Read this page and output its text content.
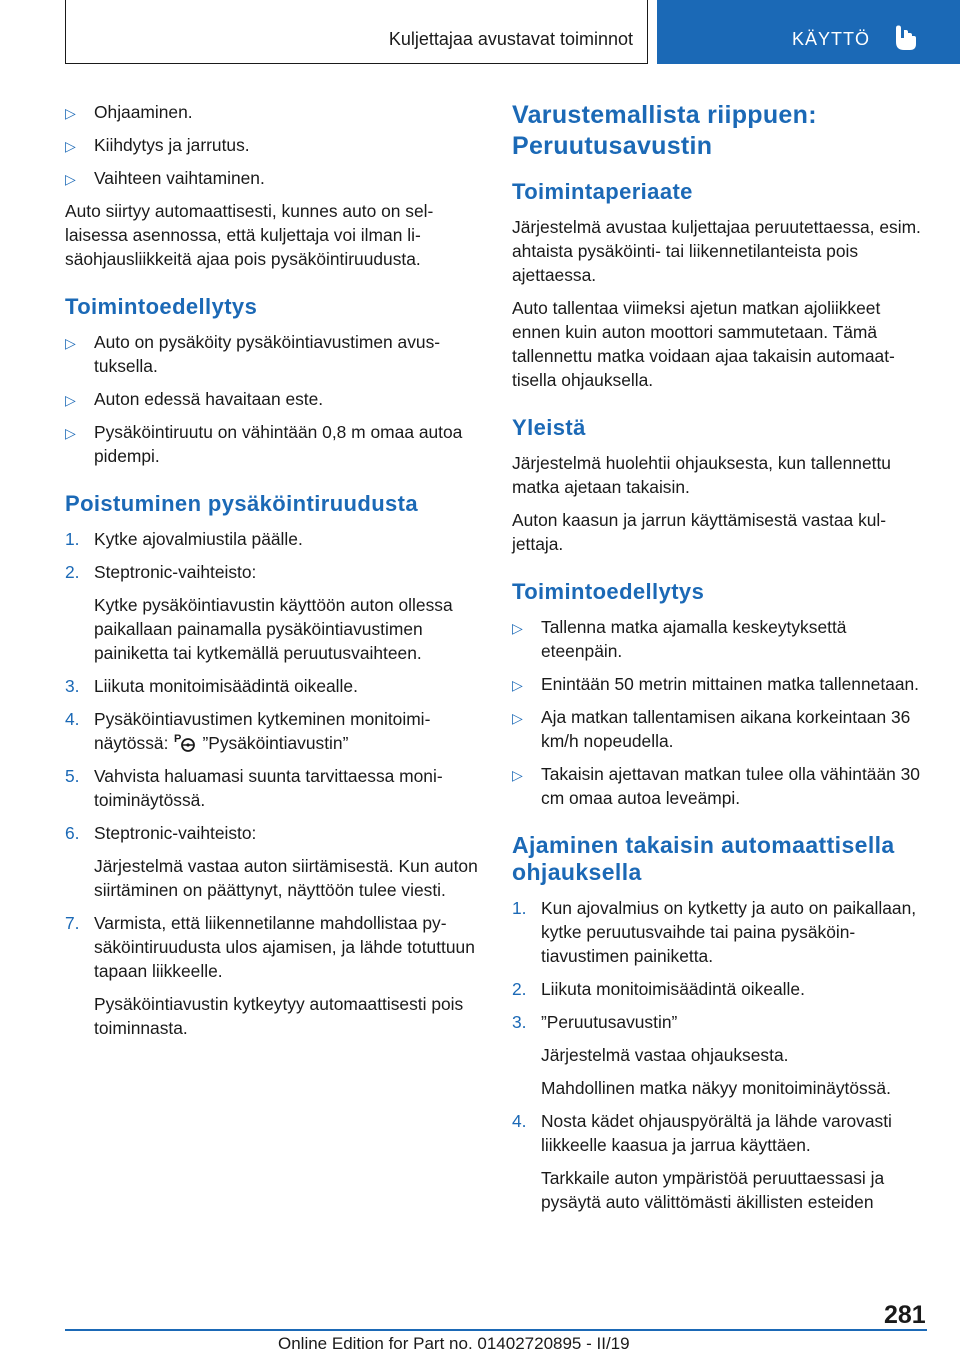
Kuljettajaa avustavat toiminnot	KÄYTTÖ
▷ Ohjaaminen.
▷ Kiihdytys ja jarrutus.
▷ Vaihteen vaihtaminen.

Auto siirtyy automaattisesti, kunnes auto on sellaisessa asennossa, että kuljettaja voi ilman lisäohjausliikkeitä ajaa pois pysäköintiruudusta.

Toimintoedellytys
▷ Auto on pysäköity pysäköintiavustimen avustuksella.
▷ Auton edessä havaitaan este.
▷ Pysäköintiruutu on vähintään 0,8 m omaa autoa pidempi.
Poistuminen pysäköintiruudusta
1. Kytke ajovalmiustila päälle.
2. Steptronic-vaihteisto:
Kytke pysäköintiavustin käyttöön auton ollessa paikallaan painamalla pysäköintiavustimen painiketta tai kytkemällä peruutusvaihteen.
3. Liikuta monitoimisäädintä oikealle.
4. Pysäköintiavustimen kytkeminen monitoiminäytössä: P ”Pysäköintiavustin”
5. Vahvista haluamasi suunta tarvittaessa monitoiminäytössä.
6. Steptronic-vaihteisto:
Järjestelmä vastaa auton siirtämisestä. Kun auton siirtäminen on päättynyt, näyttöön tulee viesti.
7. Varmista, että liikennetilanne mahdollistaa pysäköintiruudusta ulos ajamisen, ja lähde totuttuun tapaan liikkeelle.
Pysäköintiavustin kytkeytyy automaattisesti pois toiminnasta.
Varustemallista riippuen: Peruutusavustin
Toimintaperiaate

Järjestelmä avustaa kuljettajaa peruutettaessa, esim. ahtaista pysäköinti- tai liikennetilanteista pois ajettaessa.

Auto tallentaa viimeksi ajetun matkan ajoliikkeet ennen kuin auton moottori sammutetaan. Tämä tallennettu matka voidaan ajaa takaisin automaattisella ohjauksella.

Yleistä

Järjestelmä huolehtii ohjauksesta, kun tallennettu matka ajetaan takaisin.

Auton kaasun ja jarrun käyttämisestä vastaa kuljettaja.

Toimintoedellytys
▷ Tallenna matka ajamalla keskeytyksettä eteenpäin.
▷ Enintään 50 metrin mittainen matka tallennetaan.
▷ Aja matkan tallentamisen aikana korkeintaan 36 km/h nopeudella.
▷ Takaisin ajettavan matkan tulee olla vähintään 30 cm omaa autoa leveämpi.
Ajaminen takaisin automaattisella ohjauksella
1. Kun ajovalmius on kytketty ja auto on paikallaan, kytke peruutusvaihde tai paina pysäköintiavustimen painiketta.
2. Liikuta monitoimisäädintä oikealle.
3. ”Peruutusavustin”
Järjestelmä vastaa ohjauksesta.
Mahdollinen matka näkyy monitoiminäytössä.
4. Nosta kädet ohjauspyörältä ja lähde varovasti liikkeelle kaasua ja jarrua käyttäen.
Tarkkaile auton ympäristöä peruuttaessasi ja pysäytä auto välittömästi äkillisten esteiden
281
Online Edition for Part no. 01402720895 - II/19
